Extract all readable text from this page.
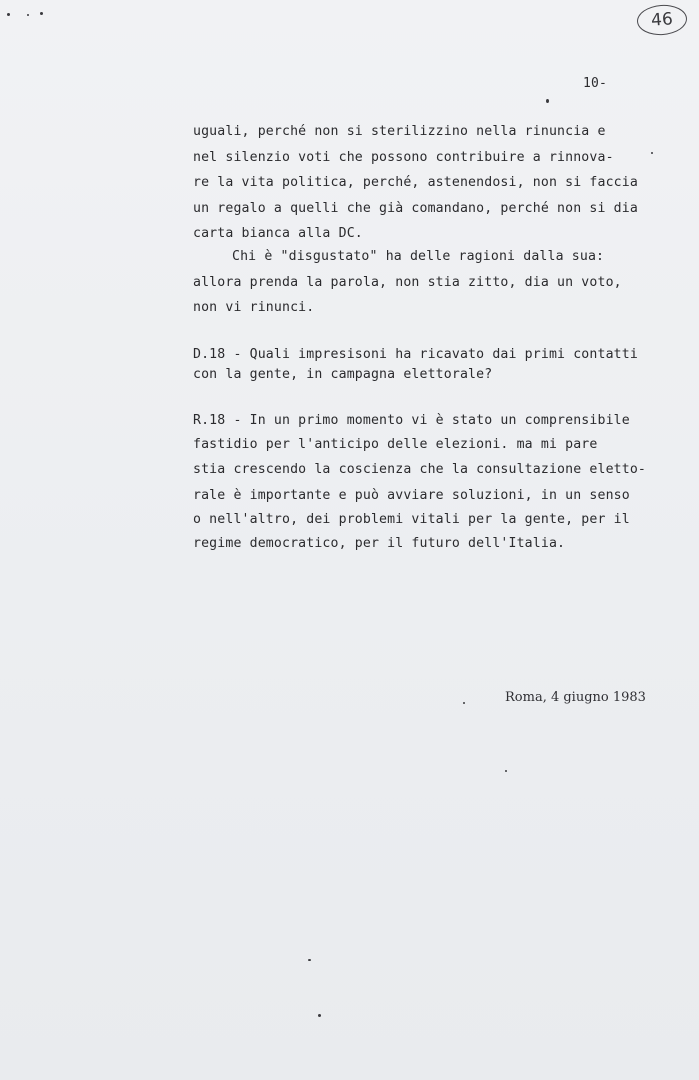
46
10-
uguali, perché non si sterilizzino nella rinuncia e
nel silenzio voti che possono contribuire a rinnova-
re la vita politica, perché, astenendosi, non si faccia
un regalo a quelli che già comandano, perché non si dia
carta bianca alla DC.
Chi è "disgustato" ha delle ragioni dalla sua:
allora prenda la parola, non stia zitto, dia un voto,
non vi rinunci.
D.18 - Quali impresisoni ha ricavato dai primi contatti
con la gente, in campagna elettorale?
R.18 - In un primo momento vi è stato un comprensibile
fastidio per l'anticipo delle elezioni. ma mi pare
stia crescendo la coscienza che la consultazione eletto-
rale è importante e può avviare soluzioni, in un senso
o nell'altro, dei problemi vitali per la gente, per il
regime democratico, per il futuro dell'Italia.
Roma, 4 giugno 1983
